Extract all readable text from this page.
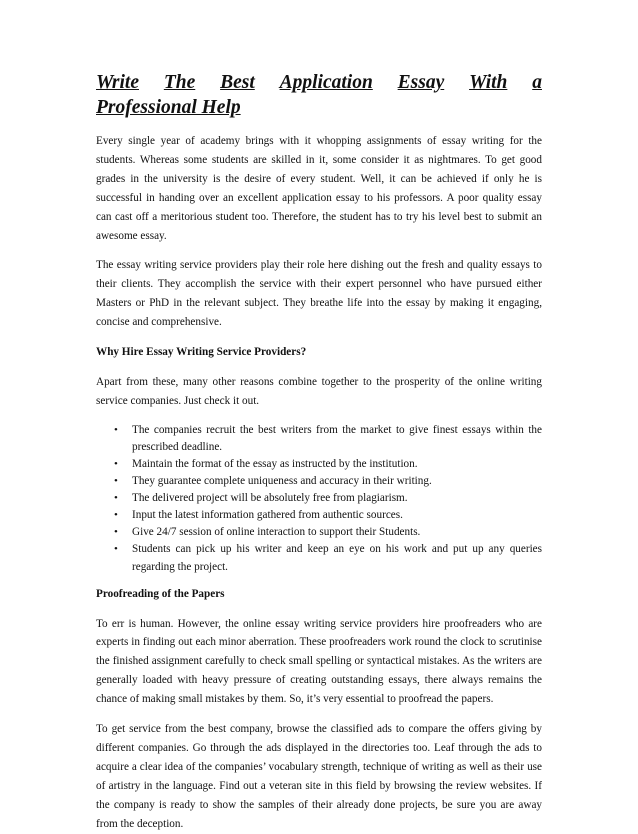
Write The Best Application Essay With a
Professional Help

Every single year of academy brings with it whopping assignments of essay writing for the students. Whereas some students are skilled in it, some consider it as nightmares. To get good grades in the university is the desire of every student. Well, it can be achieved if only he is successful in handing over an excellent application essay to his professors. A poor quality essay can cast off a meritorious student too. Therefore, the student has to try his level best to submit an awesome essay.

The essay writing service providers play their role here dishing out the fresh and quality essays to their clients. They accomplish the service with their expert personnel who have pursued either Masters or PhD in the relevant subject. They breathe life into the essay by making it engaging, concise and comprehensive.

Why Hire Essay Writing Service Providers?

Apart from these, many other reasons combine together to the prosperity of the online writing service companies. Just check it out.

• The companies recruit the best writers from the market to give finest essays within the prescribed deadline.
• Maintain the format of the essay as instructed by the institution.
• They guarantee complete uniqueness and accuracy in their writing.
• The delivered project will be absolutely free from plagiarism.
• Input the latest information gathered from authentic sources.
• Give 24/7 session of online interaction to support their Students.
• Students can pick up his writer and keep an eye on his work and put up any queries regarding the project.
Proofreading of the Papers

To err is human. However, the online essay writing service providers hire proofreaders who are experts in finding out each minor aberration. These proofreaders work round the clock to scrutinise the finished assignment carefully to check small spelling or syntactical mistakes. As the writers are generally loaded with heavy pressure of creating outstanding essays, there always remains the chance of making small mistakes by them. So, it’s very essential to proofread the papers.

To get service from the best company, browse the classified ads to compare the offers giving by different companies. Go through the ads displayed in the directories too. Leaf through the ads to acquire a clear idea of the companies’ vocabulary strength, technique of writing as well as their use of artistry in the language. Find out a veteran site in this field by browsing the review websites. If the company is ready to show the samples of their already done projects, be sure you are away from the deception.
